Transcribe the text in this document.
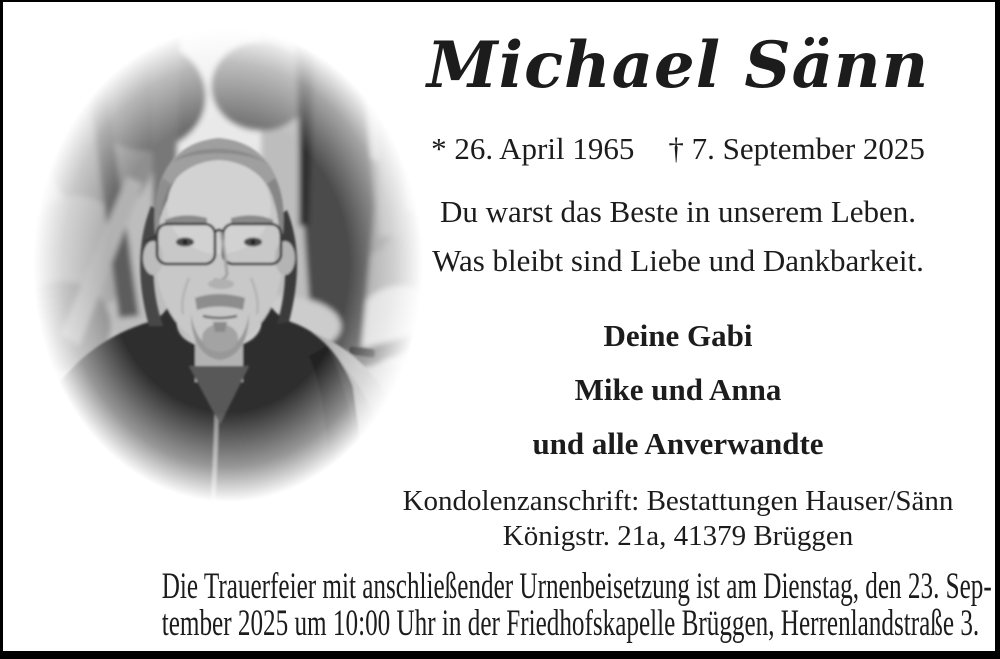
Michael Sänn
* 26. April 1965 † 7. September 2025
Du warst das Beste in unserem Leben.
Was bleibt sind Liebe und Dankbarkeit.
Deine Gabi
Mike und Anna
und alle Anverwandte
Kondolenzanschrift: Bestattungen Hauser/Sänn
Königstr. 21a, 41379 Brüggen
Die Trauerfeier mit anschließender Urnenbeisetzung ist am Dienstag, den 23. Sep-
tember 2025 um 10:00 Uhr in der Friedhofskapelle Brüggen, Herrenlandstraße 3.
